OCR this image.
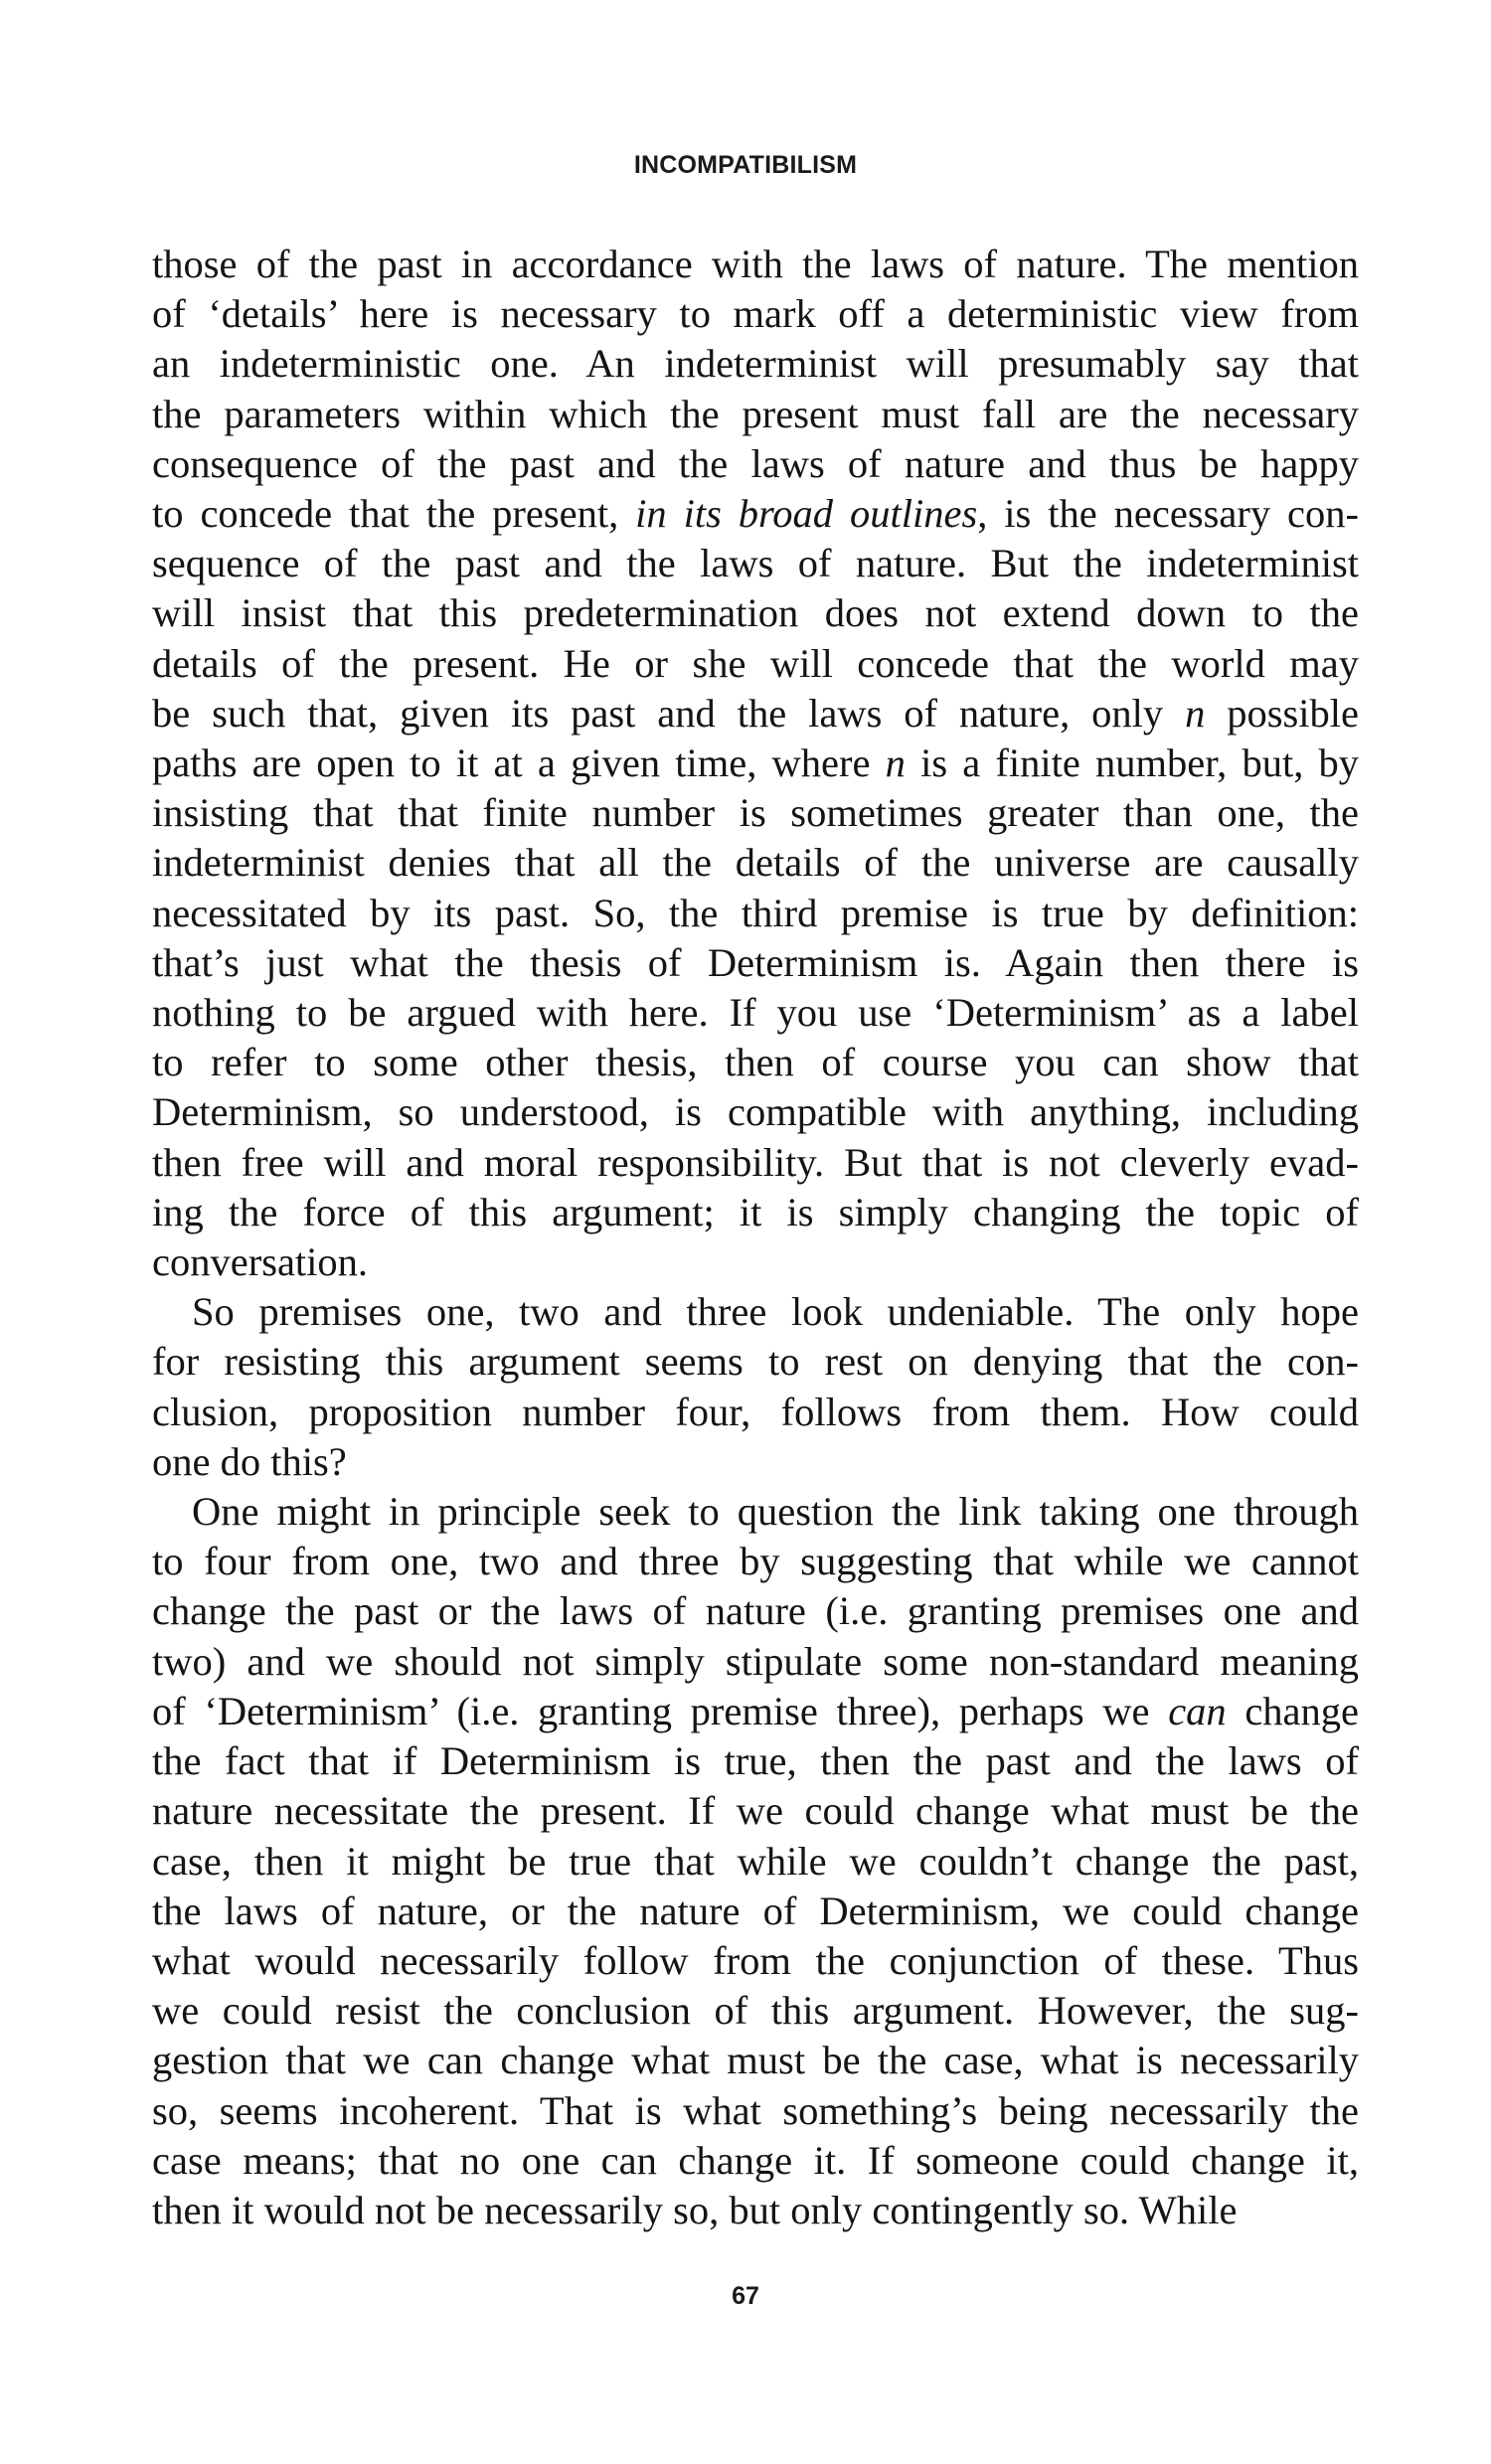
INCOMPATIBILISM
those of the past in accordance with the laws of nature. The mention
of ‘details’ here is necessary to mark off a deterministic view from
an indeterministic one. An indeterminist will presumably say that
the parameters within which the present must fall are the necessary
consequence of the past and the laws of nature and thus be happy
to concede that the present, in its broad outlines, is the necessary con-
sequence of the past and the laws of nature. But the indeterminist
will insist that this predetermination does not extend down to the
details of the present. He or she will concede that the world may
be such that, given its past and the laws of nature, only n possible
paths are open to it at a given time, where n is a finite number, but, by
insisting that that finite number is sometimes greater than one, the
indeterminist denies that all the details of the universe are causally
necessitated by its past. So, the third premise is true by definition:
that’s just what the thesis of Determinism is. Again then there is
nothing to be argued with here. If you use ‘Determinism’ as a label
to refer to some other thesis, then of course you can show that
Determinism, so understood, is compatible with anything, including
then free will and moral responsibility. But that is not cleverly evad-
ing the force of this argument; it is simply changing the topic of
conversation.
So premises one, two and three look undeniable. The only hope
for resisting this argument seems to rest on denying that the con-
clusion, proposition number four, follows from them. How could
one do this?
One might in principle seek to question the link taking one through
to four from one, two and three by suggesting that while we cannot
change the past or the laws of nature (i.e. granting premises one and
two) and we should not simply stipulate some non-standard meaning
of ‘Determinism’ (i.e. granting premise three), perhaps we can change
the fact that if Determinism is true, then the past and the laws of
nature necessitate the present. If we could change what must be the
case, then it might be true that while we couldn’t change the past,
the laws of nature, or the nature of Determinism, we could change
what would necessarily follow from the conjunction of these. Thus
we could resist the conclusion of this argument. However, the sug-
gestion that we can change what must be the case, what is necessarily
so, seems incoherent. That is what something’s being necessarily the
case means; that no one can change it. If someone could change it,
then it would not be necessarily so, but only contingently so. While
67
